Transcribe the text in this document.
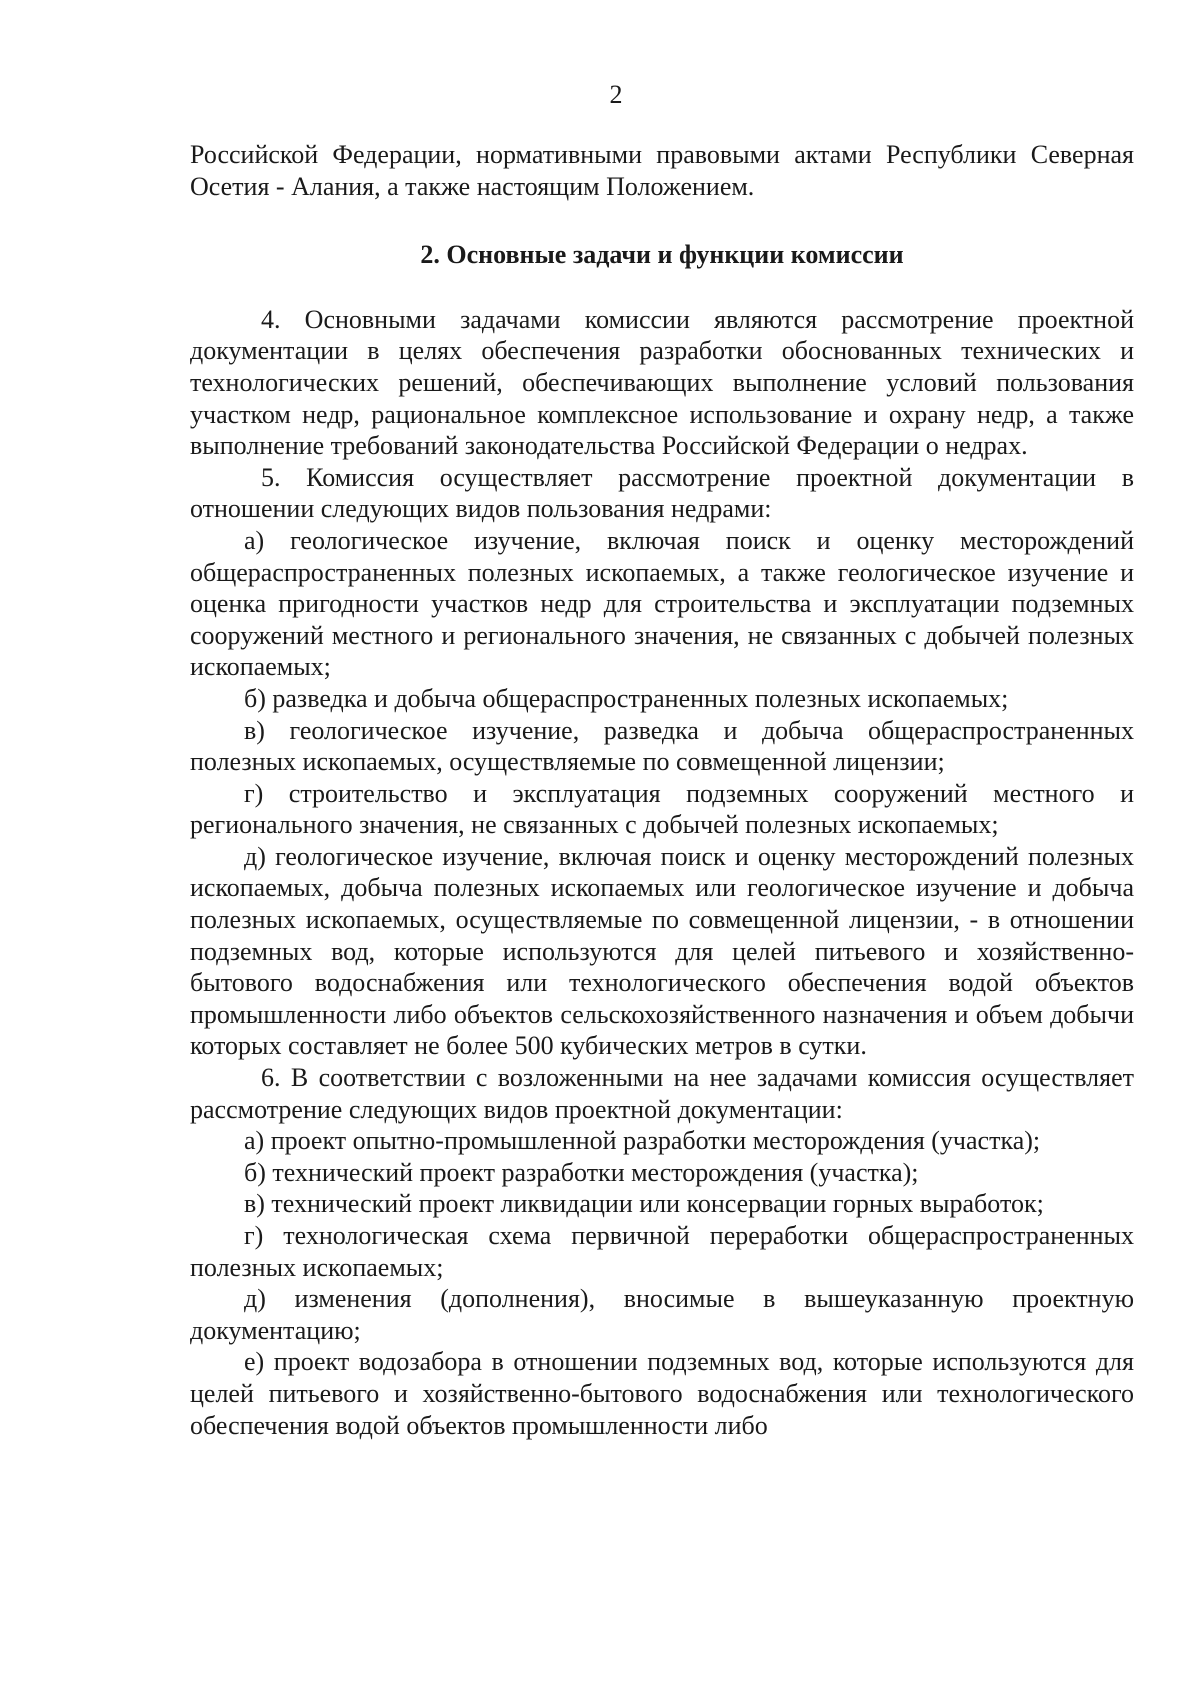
2

Российской Федерации, нормативными правовыми актами Республики Северная Осетия - Алания, а также настоящим Положением.

2. Основные задачи и функции комиссии

4. Основными задачами комиссии являются рассмотрение проектной документации в целях обеспечения разработки обоснованных технических и технологических решений, обеспечивающих выполнение условий пользования участком недр, рациональное комплексное использование и охрану недр, а также выполнение требований законодательства Российской Федерации о недрах.

5. Комиссия осуществляет рассмотрение проектной документации в отношении следующих видов пользования недрами:

а) геологическое изучение, включая поиск и оценку месторождений общераспространенных полезных ископаемых, а также геологическое изучение и оценка пригодности участков недр для строительства и эксплуатации подземных сооружений местного и регионального значения, не связанных с добычей полезных ископаемых;

б) разведка и добыча общераспространенных полезных ископаемых;

в) геологическое изучение, разведка и добыча общераспространенных полезных ископаемых, осуществляемые по совмещенной лицензии;

г) строительство и эксплуатация подземных сооружений местного и регионального значения, не связанных с добычей полезных ископаемых;

д) геологическое изучение, включая поиск и оценку месторождений полезных ископаемых, добыча полезных ископаемых или геологическое изучение и добыча полезных ископаемых, осуществляемые по совмещенной лицензии, - в отношении подземных вод, которые используются для целей питьевого и хозяйственно-бытового водоснабжения или технологического обеспечения водой объектов промышленности либо объектов сельскохозяйственного назначения и объем добычи которых составляет не более 500 кубических метров в сутки.

6. В соответствии с возложенными на нее задачами комиссия осуществляет рассмотрение следующих видов проектной документации:

а) проект опытно-промышленной разработки месторождения (участка);

б) технический проект разработки месторождения (участка);

в) технический проект ликвидации или консервации горных выработок;

г) технологическая схема первичной переработки общераспространенных полезных ископаемых;

д) изменения (дополнения), вносимые в вышеуказанную проектную документацию;

е) проект водозабора в отношении подземных вод, которые используются для целей питьевого и хозяйственно-бытового водоснабжения или технологического обеспечения водой объектов промышленности либо
